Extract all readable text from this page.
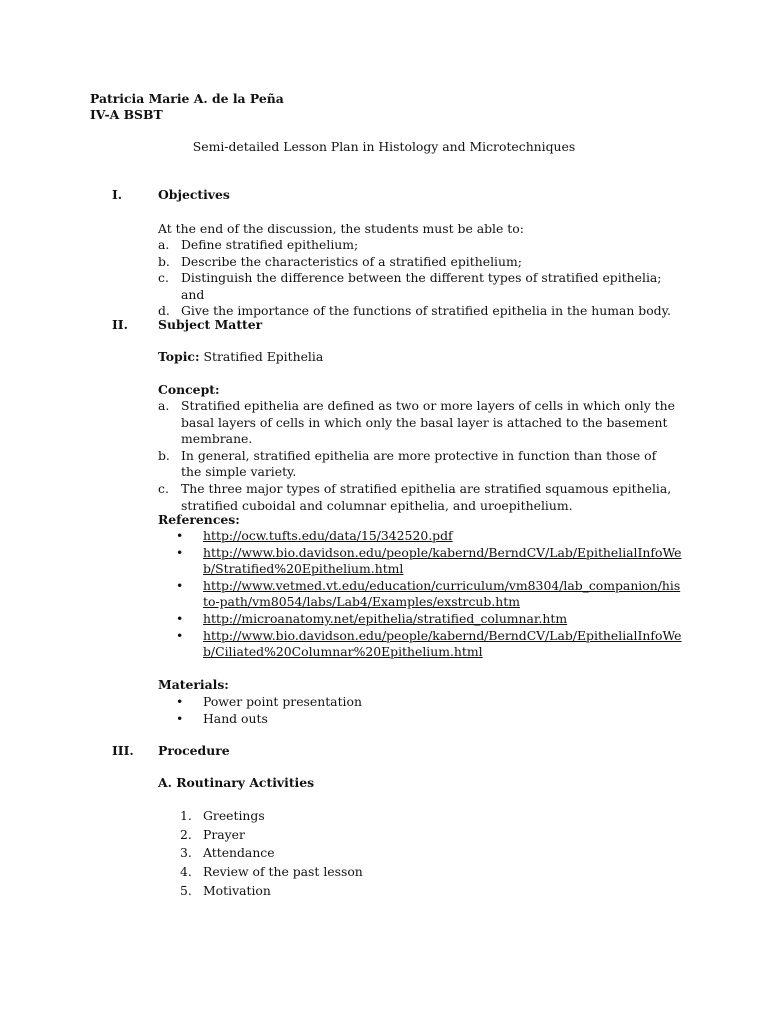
Patricia Marie A. de la Peña
IV-A BSBT
Semi-detailed Lesson Plan in Histology and Microtechniques
I.	Objectives
At the end of the discussion, the students must be able to:
a. Define stratified epithelium;
b. Describe the characteristics of a stratified epithelium;
c. Distinguish the difference between the different types of stratified epithelia; and
d. Give the importance of the functions of stratified epithelia in the human body.
II. Subject Matter
Topic: Stratified Epithelia
Concept:
a. Stratified epithelia are defined as two or more layers of cells in which only the basal layers of cells in which only the basal layer is attached to the basement membrane.
b. In general, stratified epithelia are more protective in function than those of the simple variety.
c. The three major types of stratified epithelia are stratified squamous epithelia, stratified cuboidal and columnar epithelia, and uroepithelium.
References:
• http://ocw.tufts.edu/data/15/342520.pdf
• http://www.bio.davidson.edu/people/kabernd/BerndCV/Lab/EpithelialInfoWe
b/Stratified%20Epithelium.html
• http://www.vetmed.vt.edu/education/curriculum/vm8304/lab_companion/his
to-path/vm8054/labs/Lab4/Examples/exstrcub.htm
• http://microanatomy.net/epithelia/stratified_columnar.htm
• http://www.bio.davidson.edu/people/kabernd/BerndCV/Lab/EpithelialInfoWe
b/Ciliated%20Columnar%20Epithelium.html
Materials:
• Power point presentation
• Hand outs
III. Procedure
A. Routinary Activities
1. Greetings
2. Prayer
3. Attendance
4. Review of the past lesson
5. Motivation
